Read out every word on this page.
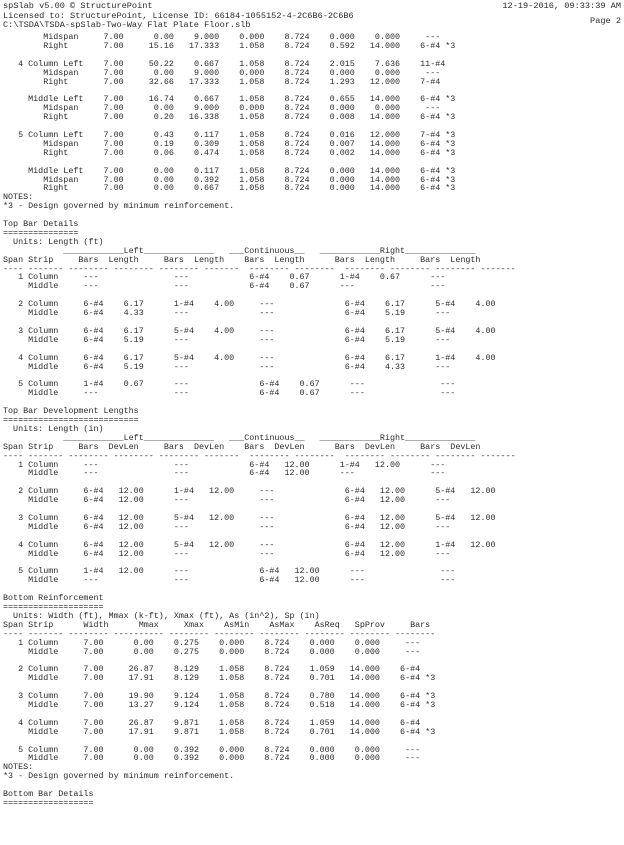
spSlab v5.00 © StructurePoint
Licensed to: StructurePoint, License ID: 66184-1055152-4-2C6B6-2C6B6
C:\TSDA\TSDA-spSlab-Two-Way Flat Plate Floor.slb
12-19-2016, 09:33:39 AM
Page 2
Midspan     7.00      0.00    9.000    0.000    8.724    0.000    0.000     ---
Right       7.00     15.16   17.333    1.058    8.724    0.592   14.000    6-#4 *3

4 Column Left    7.00     50.22    0.667    1.058    8.724    2.015    7.636    11-#4
Midspan     7.00      0.00    9.000    0.000    8.724    0.000    0.000     ---
Right       7.00     32.66   17.333    1.058    8.724    1.293   12.000    7-#4

Middle Left    7.00     16.74    0.667    1.058    8.724    0.655   14.000    6-#4 *3
Midspan     7.00      0.00    9.000    0.000    8.724    0.000    0.000     ---
Right       7.00      0.20   16.338    1.058    8.724    0.008   14.000    6-#4 *3

5 Column Left    7.00      0.43    0.117    1.058    8.724    0.016   12.000    7-#4 *3
Midspan     7.00      0.19    0.309    1.058    8.724    0.007   14.000    6-#4 *3
Right       7.00      0.06    0.474    1.058    8.724    0.002   14.000    6-#4 *3

Middle Left    7.00      0.00    0.117    1.058    8.724    0.000   14.000    6-#4 *3
Midspan     7.00      0.00    0.392    1.058    8.724    0.000   14.000    6-#4 *3
Right       7.00      0.00    0.667    1.058    8.724    0.000   14.000    6-#4 *3
NOTES:
*3 - Design governed by minimum reinforcement.

Top Bar Details
===============
Units: Length (ft)
____________Left______________   ___Continuous__   ____________Right______________
Span Strip     Bars  Length     Bars  Length    Bars  Length      Bars  Length     Bars  Length
---- ------- -------- -------- -------- -------  -------- --------  -------- -------- -------- -------
1 Column     ---               ---            6-#4    0.67      1-#4    0.67      ---
Middle     ---               ---            6-#4    0.67      ---               ---

2 Column     6-#4    6.17      1-#4    4.00     ---              6-#4    6.17      5-#4    4.00
Middle     6-#4    4.33      ---              ---              6-#4    5.19      ---

3 Column     6-#4    6.17      5-#4    4.00     ---              6-#4    6.17      5-#4    4.00
Middle     6-#4    5.19      ---              ---              6-#4    5.19      ---

4 Column     6-#4    6.17      5-#4    4.00     ---              6-#4    6.17      1-#4    4.00
Middle     6-#4    5.19      ---              ---              6-#4    4.33      ---

5 Column     1-#4    0.67      ---              6-#4    0.67      ---               ---
Middle     ---               ---              6-#4    0.67      ---               ---

Top Bar Development Lengths
===========================
Units: Length (in)
____________Left______________   ___Continuous__   ____________Right______________
Span Strip     Bars  DevLen     Bars  DevLen    Bars  DevLen      Bars  DevLen     Bars  DevLen
---- ------- -------- -------- -------- -------  -------- --------  -------- -------- -------- -------
1 Column     ---               ---            6-#4   12.00      1-#4   12.00      ---
Middle     ---               ---            6-#4   12.00      ---               ---

2 Column     6-#4   12.00      1-#4   12.00     ---              6-#4   12.00      5-#4   12.00
Middle     6-#4   12.00      ---              ---              6-#4   12.00      ---

3 Column     6-#4   12.00      5-#4   12.00     ---              6-#4   12.00      5-#4   12.00
Middle     6-#4   12.00      ---              ---              6-#4   12.00      ---

4 Column     6-#4   12.00      5-#4   12.00     ---              6-#4   12.00      1-#4   12.00
Middle     6-#4   12.00      ---              ---              6-#4   12.00      ---

5 Column     1-#4   12.00      ---              6-#4   12.00      ---               ---
Middle     ---               ---              6-#4   12.00      ---               ---

Bottom Reinforcement
====================
Units: Width (ft), Mmax (k-ft), Xmax (ft), As (in^2), Sp (in)
Span Strip      Width      Mmax     Xmax    AsMin    AsMax    AsReq   SpProv     Bars
---- ------- -------- ---------- -------- -------- -------- -------- -------- --------
1 Column     7.00      0.00    0.275    0.000    8.724    0.000    0.000     ---
Middle     7.00      0.00    0.275    0.000    8.724    0.000    0.000     ---

2 Column     7.00     26.87    8.129    1.058    8.724    1.059   14.000    6-#4
Middle     7.00     17.91    8.129    1.058    8.724    0.701   14.000    6-#4 *3

3 Column     7.00     19.90    9.124    1.058    8.724    0.780   14.000    6-#4 *3
Middle     7.00     13.27    9.124    1.058    8.724    0.518   14.000    6-#4 *3

4 Column     7.00     26.87    9.871    1.058    8.724    1.059   14.000    6-#4
Middle     7.00     17.91    9.871    1.058    8.724    0.701   14.000    6-#4 *3

5 Column     7.00      0.00    0.392    0.000    8.724    0.000    0.000     ---
Middle     7.00      0.00    0.392    0.000    8.724    0.000    0.000     ---
NOTES:
*3 - Design governed by minimum reinforcement.

Bottom Bar Details
==================
